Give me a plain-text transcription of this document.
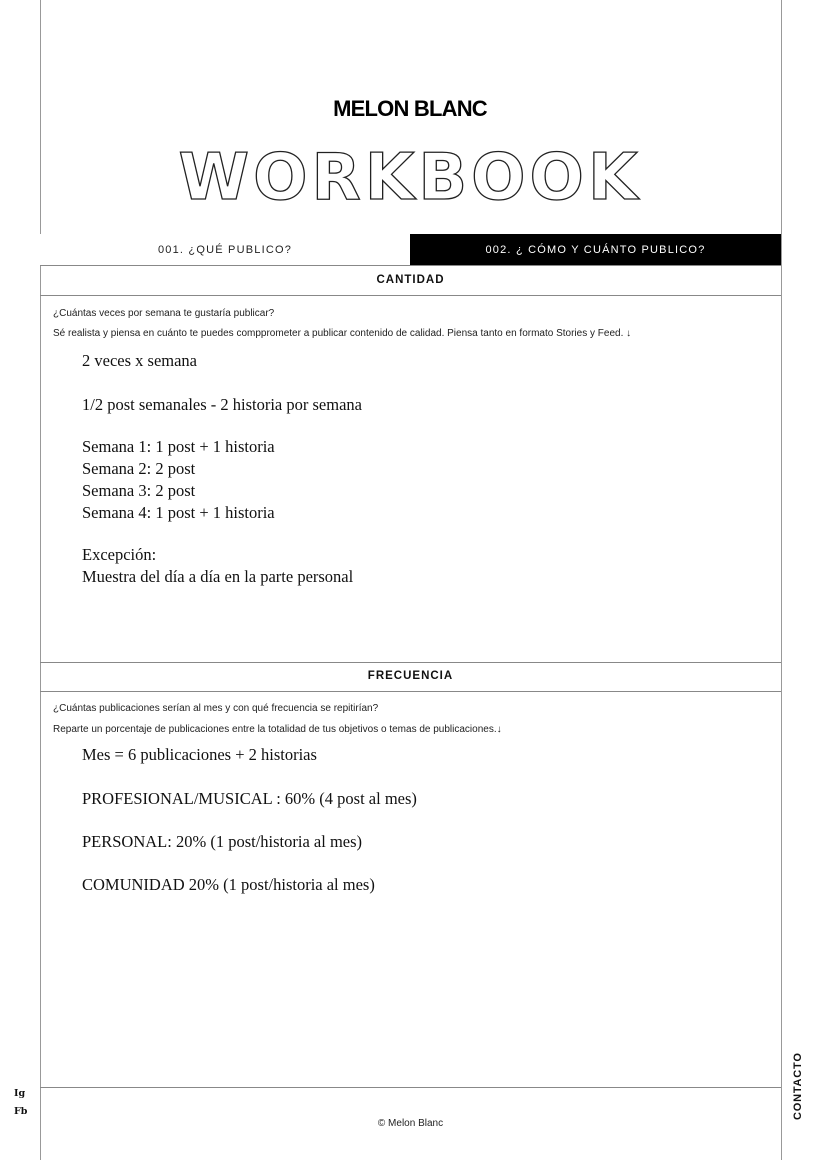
MELON BLANC
WORKBOOK
001. ¿QUÉ PUBLICO?	002. ¿ CÓMO Y CUÁNTO PUBLICO?
CANTIDAD
¿Cuántas veces por semana te gustaría publicar?
Sé realista y piensa en cuánto te puedes compprometer a publicar contenido de calidad. Piensa tanto en formato Stories y Feed. ↓
2 veces x semana
1/2 post semanales - 2 historia por semana
Semana 1: 1 post + 1 historia
Semana 2: 2 post
Semana 3: 2 post
Semana 4: 1 post + 1 historia
Excepción:
Muestra del día a día en la parte personal
FRECUENCIA
¿Cuántas publicaciones serían al mes y con qué frecuencia se repitirían?
Reparte un porcentaje de publicaciones entre la totalidad de tus objetivos o temas de publicaciones.↓
Mes = 6 publicaciones + 2 historias
PROFESIONAL/MUSICAL : 60% (4 post al mes)
PERSONAL: 20% (1 post/historia al mes)
COMUNIDAD 20% (1 post/historia al mes)
Ig
Fb	CONTACTO
© Melon Blanc
